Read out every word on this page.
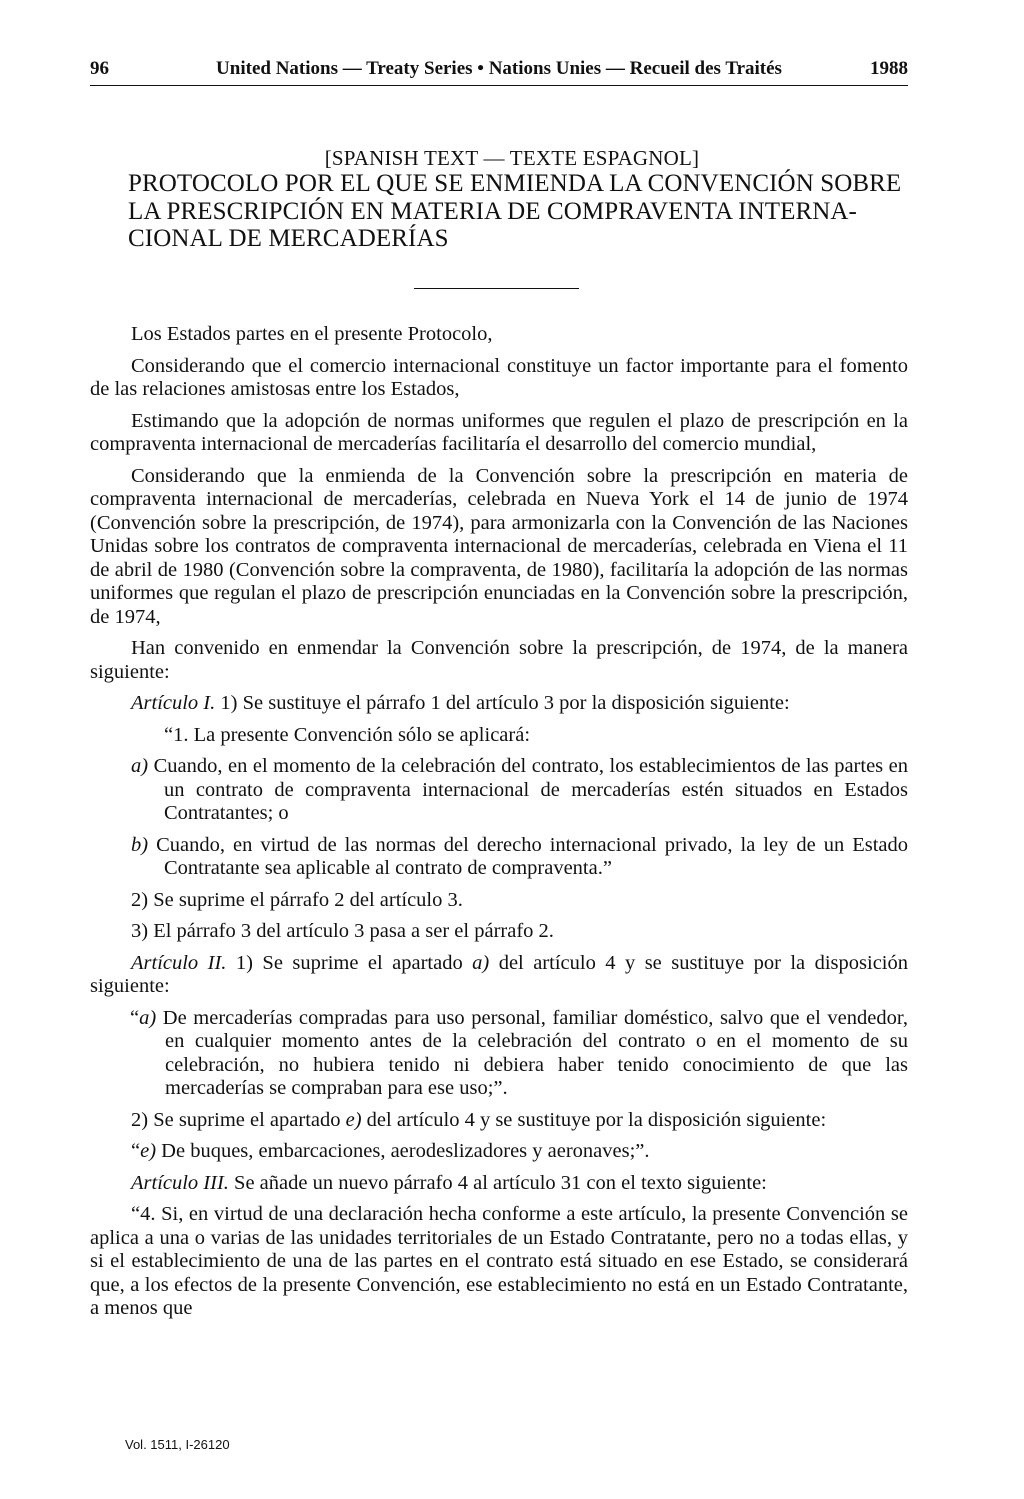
96	United Nations — Treaty Series • Nations Unies — Recueil des Traités	1988
[SPANISH TEXT — TEXTE ESPAGNOL]
PROTOCOLO POR EL QUE SE ENMIENDA LA CONVENCIÓN SOBRE
LA PRESCRIPCIÓN EN MATERIA DE COMPRAVENTA INTERNA-
CIONAL DE MERCADERÍAS

Los Estados partes en el presente Protocolo,

Considerando que el comercio internacional constituye un factor importante para el fomento de las relaciones amistosas entre los Estados,

Estimando que la adopción de normas uniformes que regulen el plazo de prescripción en la compraventa internacional de mercaderías facilitaría el desarrollo del comercio mundial,

Considerando que la enmienda de la Convención sobre la prescripción en materia de compraventa internacional de mercaderías, celebrada en Nueva York el 14 de junio de 1974 (Convención sobre la prescripción, de 1974), para armonizarla con la Convención de las Naciones Unidas sobre los contratos de compraventa internacional de mercaderías, celebrada en Viena el 11 de abril de 1980 (Convención sobre la compraventa, de 1980), facilitaría la adopción de las normas uniformes que regulan el plazo de prescripción enunciadas en la Convención sobre la prescripción, de 1974,

Han convenido en enmendar la Convención sobre la prescripción, de 1974, de la manera siguiente:

Artículo I. 1) Se sustituye el párrafo 1 del artículo 3 por la disposición siguiente:

“1. La presente Convención sólo se aplicará:

a) Cuando, en el momento de la celebración del contrato, los establecimientos de las partes en un contrato de compraventa internacional de mercaderías estén situados en Estados Contratantes; o

b) Cuando, en virtud de las normas del derecho internacional privado, la ley de un Estado Contratante sea aplicable al contrato de compraventa.”

2) Se suprime el párrafo 2 del artículo 3.

3) El párrafo 3 del artículo 3 pasa a ser el párrafo 2.

Artículo II. 1) Se suprime el apartado a) del artículo 4 y se sustituye por la disposición siguiente:

“a) De mercaderías compradas para uso personal, familiar doméstico, salvo que el vendedor, en cualquier momento antes de la celebración del contrato o en el momento de su celebración, no hubiera tenido ni debiera haber tenido conocimiento de que las mercaderías se compraban para ese uso;”.

2) Se suprime el apartado e) del artículo 4 y se sustituye por la disposición siguiente:

“e) De buques, embarcaciones, aerodeslizadores y aeronaves;”.

Artículo III. Se añade un nuevo párrafo 4 al artículo 31 con el texto siguiente:

“4. Si, en virtud de una declaración hecha conforme a este artículo, la presente Convención se aplica a una o varias de las unidades territoriales de un Estado Contratante, pero no a todas ellas, y si el establecimiento de una de las partes en el contrato está situado en ese Estado, se considerará que, a los efectos de la presente Convención, ese establecimiento no está en un Estado Contratante, a menos que

Vol. 1511, I-26120
